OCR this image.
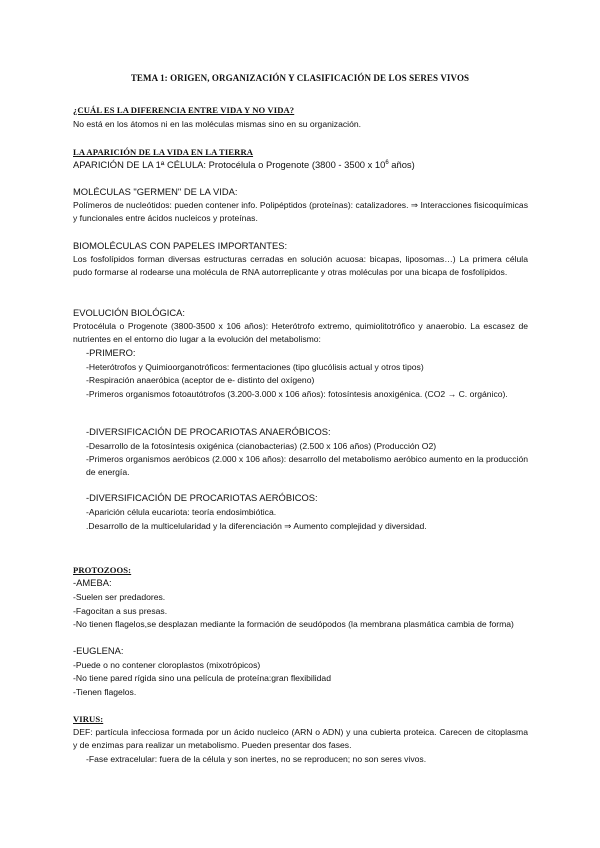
TEMA 1: ORIGEN, ORGANIZACIÓN Y CLASIFICACIÓN DE LOS SERES VIVOS
¿CUÁL ES LA DIFERENCIA ENTRE VIDA Y NO VIDA?
No está en los átomos ni en las moléculas mismas sino en su organización.
LA APARICIÓN DE LA VIDA EN LA TIERRA
APARICIÓN DE LA 1ª CÉLULA: Protocélula o Progenote (3800 - 3500 x $10^6$ años)
MOLÉCULAS "GERMEN" DE LA VIDA:
Polímeros de nucleótidos: pueden contener info. Polipéptidos (proteínas): catalizadores. ⇒ Interacciones fisicoquímicas y funcionales entre ácidos nucleicos y proteínas.
BIOMOLÉCULAS CON PAPELES IMPORTANTES:
Los fosfolípidos forman diversas estructuras cerradas en solución acuosa: bicapas, liposomas…) La primera célula pudo formarse al rodearse una molécula de RNA autorreplicante y otras moléculas por una bicapa de fosfolípidos.
EVOLUCIÓN BIOLÓGICA:
Protocélula o Progenote (3800-3500 x 106 años): Heterótrofo extremo, quimiolitotrófico y anaerobio. La escasez de nutrientes en el entorno dio lugar a la evolución del metabolismo:
-PRIMERO:
-Heterótrofos y Quimioorganotróficos: fermentaciones (tipo glucólisis actual y otros tipos)
-Respiración anaeróbica (aceptor de e- distinto del oxígeno)
-Primeros organismos fotoautótrofos (3.200-3.000 x 106 años): fotosíntesis anoxigénica. (CO2 → C. orgánico).
-DIVERSIFICACIÓN DE PROCARIOTAS ANAERÓBICOS:
-Desarrollo de la fotosíntesis oxigénica (cianobacterias) (2.500 x 106 años) (Producción O2)
-Primeros organismos aeróbicos (2.000 x 106 años): desarrollo del metabolismo aeróbico aumento en la producción de energía.
-DIVERSIFICACIÓN DE PROCARIOTAS AERÓBICOS:
-Aparición célula eucariota: teoría endosimbiótica.
.Desarrollo de la multicelularidad y la diferenciación ⇒ Aumento complejidad y diversidad.
PROTOZOOS:
-AMEBA:
-Suelen ser predadores.
-Fagocitan a sus presas.
-No tienen flagelos,se desplazan mediante la formación de seudópodos (la membrana plasmática cambia de forma)
-EUGLENA:
-Puede o no contener cloroplastos (mixotrópicos)
-No tiene pared rígida sino una película de proteína:gran flexibilidad
-Tienen flagelos.
VIRUS:
DEF: partícula infecciosa formada por un ácido nucleico (ARN o ADN) y una cubierta proteica. Carecen de citoplasma y de enzimas para realizar un metabolismo. Pueden presentar dos fases.
-Fase extracelular: fuera de la célula y son inertes, no se reproducen; no son seres vivos.
